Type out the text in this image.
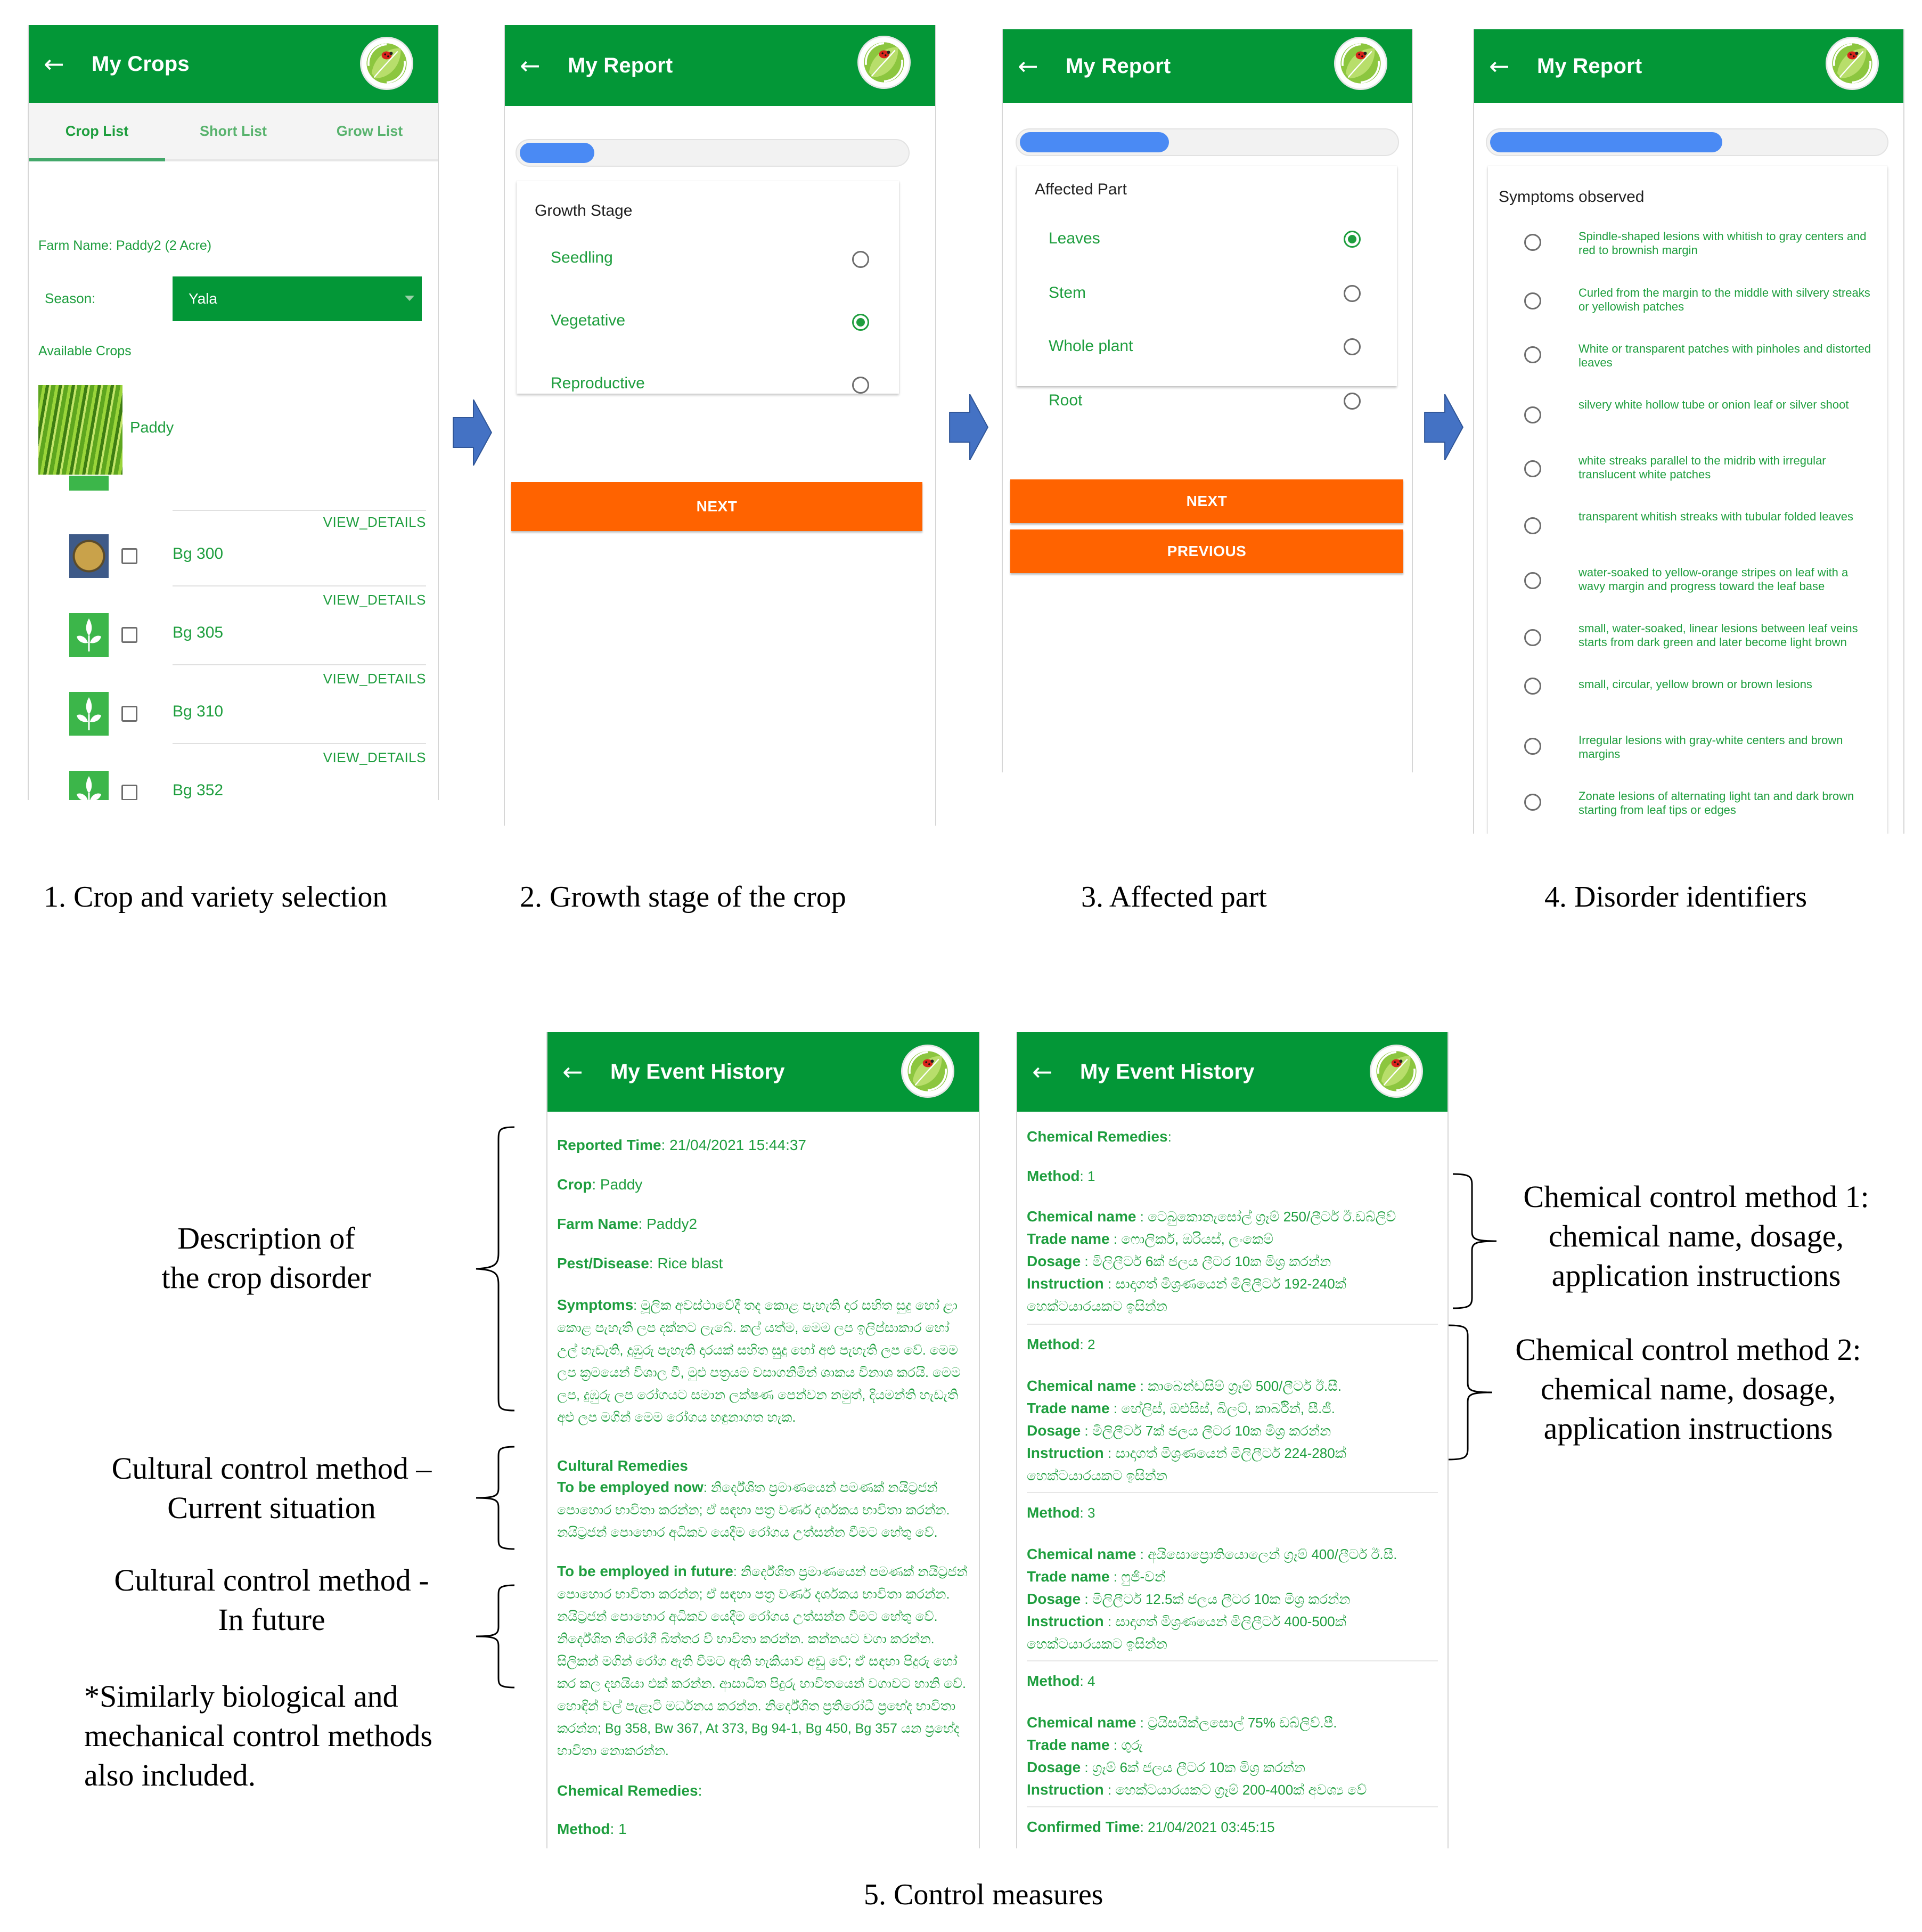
←	My Crops
Crop List	Short List	Grow List
Farm Name: Paddy2 (2 Acre)
Season:	Yala
Available Crops
Paddy
VIEW_DETAILS
Bg 300
VIEW_DETAILS
Bg 305
VIEW_DETAILS
Bg 310
VIEW_DETAILS
Bg 352
←	My Report
Growth Stage
Seedling
Vegetative
Reproductive
NEXT
←	My Report
Affected Part
Leaves
Stem
Whole plant
Root
NEXT
PREVIOUS
←	My Report
Symptoms observed
Spindle-shaped lesions with whitish to gray centers and red to brownish margin
Curled from the margin to the middle with silvery streaks or yellowish patches
White or transparent patches with pinholes and distorted leaves
silvery white hollow tube or onion leaf or silver shoot
white streaks parallel to the midrib with irregular translucent white patches
transparent whitish streaks with tubular folded leaves
water-soaked to yellow-orange stripes on leaf with a wavy margin and progress toward the leaf base
small, water-soaked, linear lesions between leaf veins starts from dark green and later become light brown
small, circular, yellow brown or brown lesions
Irregular lesions with gray-white centers and brown margins
Zonate lesions of alternating light tan and dark brown starting from leaf tips or edges
1. Crop and variety selection	2. Growth stage of the crop	3. Affected part	4. Disorder identifiers
Description of
the crop disorder
Cultural control method –
Current situation
Cultural control method -
In future
*Similarly biological and
mechanical control methods
also included.
←	My Event History
Reported Time: 21/04/2021 15:44:37
Crop: Paddy
Farm Name: Paddy2
Pest/Disease: Rice blast
Symptoms: මූලික අවස්ථාවේදී තද කොළ පැහැති දාර සහිත සුදු හෝ ළා කොළ පැහැති ලප දක්නට ලැබේ. කල් යත්ම, මෙම ලප ඉලිප්සාකාර හෝ උල් හැඩැති, දුඹුරු පැහැති දාරයක් සහිත සුදු හෝ අළු පැහැති ලප වේ. මෙම ලප ක්‍රමයෙන් විශාල වී, මුළු පත්‍රයම වසාගනිමින් ශාකය විනාශ කරයි. මෙම ලප, දුඹුරු ලප රෝගයට සමාන ලක්ෂණ පෙන්වන නමුත්, දියමන්ති හැඩැති අළු ලප මගින් මෙම රෝගය හඳුනාගත හැක.
Cultural Remedies
To be employed now: නිර්දේශිත ප්‍රමාණයෙන් පමණක් නයිට්‍රජන් පොහොර භාවිතා කරන්න; ඒ සඳහා පත්‍ර වර්ණ දර්ශකය භාවිතා කරන්න. නයිට්‍රජන් පොහොර අධිකව යෙදීම රෝගය උත්සන්න වීමට හේතු වේ.
To be employed in future: නිර්දේශිත ප්‍රමාණයෙන් පමණක් නයිට්‍රජන් පොහොර භාවිතා කරන්න; ඒ සඳහා පත්‍ර වර්ණ දර්ශකය භාවිතා කරන්න. නයිට්‍රජන් පොහොර අධිකව යෙදීම රෝගය උත්සන්න වීමට හේතු වේ. නිර්දේශිත නිරෝගී බිත්තර වී භාවිතා කරන්න. කන්නයට වගා කරන්න. සිලිකන් මගින් රෝග ඇති වීමට ඇති හැකියාව අඩු වේ; ඒ සඳහා පිදුරු හෝ කර කල දහයියා එක් කරන්න. ආසාධිත පිදුරු භාවිතයෙන් වගාවට හානි වේ. හොඳින් වල් පැළෑටි මර්ධනය කරන්න. නිර්දේශිත ප්‍රතිරෝධී ප්‍රභේද භාවිතා කරන්න; Bg 358, Bw 367, At 373, Bg 94-1, Bg 450, Bg 357 යන ප්‍රභේද භාවිතා නොකරන්න.
Chemical Remedies:
Method: 1
←	My Event History
Chemical Remedies:
Method: 1
Chemical name : ටෙබුකොනැසෝල් ග්‍රෑම් 250/ලීටර් ඊ.ඩබ්ලිව්
Trade name : ෆොලිකර්, ඔරියස්, ලංකෙම්
Dosage : මිලිලීටර් 6ක් ජලය ලීටර 10ක මිශ්‍ර කරන්න
Instruction : සාදාගත් මිශ්‍රණයෙන් මිලිලීටර් 192-240ක්
හෙක්ටයාරයකට ඉසින්න
Method: 2
Chemical name : කාබෙන්ඩසිම් ග්‍රෑම් 500/ලීටර් ඊ.සී.
Trade name : හේලිස්, ඔළුසිස්, බිලට්, කාර්බින්, සී.ජී.
Dosage : මිලිලීටර් 7ක් ජලය ලීටර 10ක මිශ්‍ර කරන්න
Instruction : සාදාගත් මිශ්‍රණයෙන් මිලිලීටර් 224-280ක්
හෙක්ටයාරයකට ඉසින්න
Method: 3
Chemical name : අයිසොප්‍රොතියොලෙන් ග්‍රෑම් 400/ලීටර් ඊ.සී.
Trade name : ෆුජි-වන්
Dosage : මිලිලීටර් 12.5ක් ජලය ලීටර 10ක මිශ්‍ර කරන්න
Instruction : සාදාගත් මිශ්‍රණයෙන් මිලිලීටර් 400-500ක්
හෙක්ටයාරයකට ඉසින්න
Method: 4
Chemical name : ට්‍රයිසයික්ලසොල් 75% ඩබ්ලිව්.පී.
Trade name : ගුරු
Dosage : ග්‍රෑම් 6ක් ජලය ලීටර 10ක මිශ්‍ර කරන්න
Instruction : හෙක්ටයාරයකට ග්‍රෑම් 200-400ක් අවශ්‍ය වේ
Confirmed Time: 21/04/2021 03:45:15
Chemical control method 1:
chemical name, dosage,
application instructions
Chemical control method 2:
chemical name, dosage,
application instructions
5. Control measures
